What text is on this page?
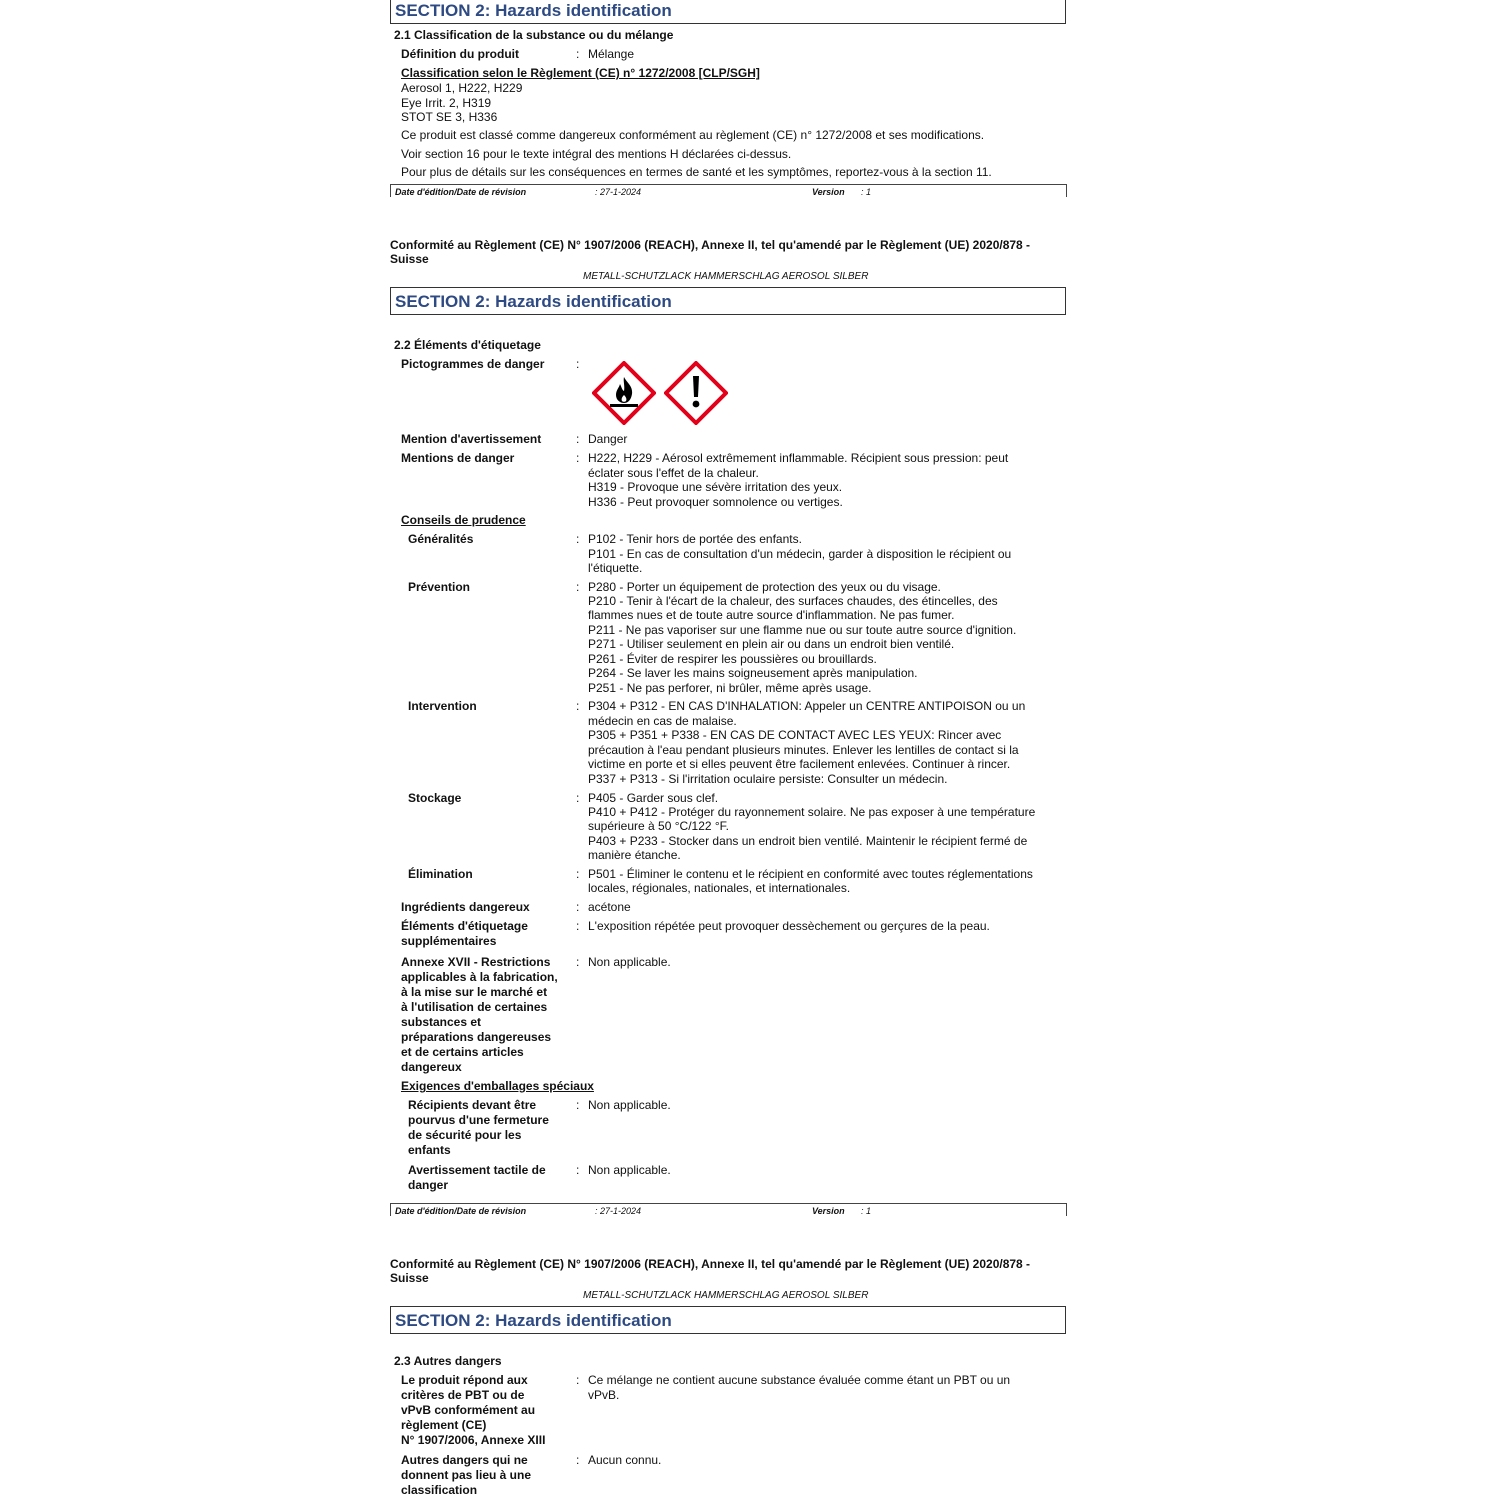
SECTION 2: Hazards identification
2.1 Classification de la substance ou du mélange
Définition du produit	: Mélange
Classification selon le Règlement (CE) n° 1272/2008 [CLP/SGH]
Aerosol 1, H222, H229
Eye Irrit. 2, H319
STOT SE 3, H336
Ce produit est classé comme dangereux conformément au règlement (CE) n° 1272/2008 et ses modifications.
Voir section 16 pour le texte intégral des mentions H déclarées ci-dessus.
Pour plus de détails sur les conséquences en termes de santé et les symptômes, reportez-vous à la section 11.
Date d'édition/Date de révision	: 27-1-2024	Version : 1
Conformité au Règlement (CE) N° 1907/2006 (REACH), Annexe II, tel qu'amendé par le Règlement (UE) 2020/878 - Suisse
METALL-SCHUTZLACK HAMMERSCHLAG AEROSOL SILBER
SECTION 2: Hazards identification
2.2 Éléments d'étiquetage
Pictogrammes de danger	:
Mention d'avertissement	: Danger
Mentions de danger	: H222, H229 - Aérosol extrêmement inflammable. Récipient sous pression: peut
éclater sous l'effet de la chaleur.
H319 - Provoque une sévère irritation des yeux.
H336 - Peut provoquer somnolence ou vertiges.
Conseils de prudence
Généralités	: P102 - Tenir hors de portée des enfants.
P101 - En cas de consultation d'un médecin, garder à disposition le récipient ou
l'étiquette.
Prévention	: P280 - Porter un équipement de protection des yeux ou du visage.
P210 - Tenir à l'écart de la chaleur, des surfaces chaudes, des étincelles, des
flammes nues et de toute autre source d'inflammation. Ne pas fumer.
P211 - Ne pas vaporiser sur une flamme nue ou sur toute autre source d'ignition.
P271 - Utiliser seulement en plein air ou dans un endroit bien ventilé.
P261 - Éviter de respirer les poussières ou brouillards.
P264 - Se laver les mains soigneusement après manipulation.
P251 - Ne pas perforer, ni brûler, même après usage.
Intervention	: P304 + P312 - EN CAS D'INHALATION: Appeler un CENTRE ANTIPOISON ou un
médecin en cas de malaise.
P305 + P351 + P338 - EN CAS DE CONTACT AVEC LES YEUX: Rincer avec
précaution à l'eau pendant plusieurs minutes. Enlever les lentilles de contact si la
victime en porte et si elles peuvent être facilement enlevées. Continuer à rincer.
P337 + P313 - Si l'irritation oculaire persiste: Consulter un médecin.
Stockage	: P405 - Garder sous clef.
P410 + P412 - Protéger du rayonnement solaire. Ne pas exposer à une température
supérieure à 50 °C/122 °F.
P403 + P233 - Stocker dans un endroit bien ventilé. Maintenir le récipient fermé de
manière étanche.
Élimination	: P501 - Éliminer le contenu et le récipient en conformité avec toutes réglementations
locales, régionales, nationales, et internationales.
Ingrédients dangereux	: acétone
Éléments d'étiquetage
supplémentaires
: L'exposition répétée peut provoquer dessèchement ou gerçures de la peau.
Annexe XVII - Restrictions
applicables à la fabrication,
à la mise sur le marché et
à l'utilisation de certaines
substances et
préparations dangereuses
et de certains articles
dangereux
: Non applicable.
Exigences d'emballages spéciaux
Récipients devant être
pourvus d'une fermeture
de sécurité pour les
enfants
: Non applicable.
Avertissement tactile de
danger
: Non applicable.
Date d'édition/Date de révision	: 27-1-2024	Version : 1
Conformité au Règlement (CE) N° 1907/2006 (REACH), Annexe II, tel qu'amendé par le Règlement (UE) 2020/878 - Suisse
METALL-SCHUTZLACK HAMMERSCHLAG AEROSOL SILBER
SECTION 2: Hazards identification
2.3 Autres dangers
Le produit répond aux
critères de PBT ou de
vPvB conformément au
règlement (CE)
N° 1907/2006, Annexe XIII
: Ce mélange ne contient aucune substance évaluée comme étant un PBT ou un
vPvB.
Autres dangers qui ne
donnent pas lieu à une
classification
: Aucun connu.
